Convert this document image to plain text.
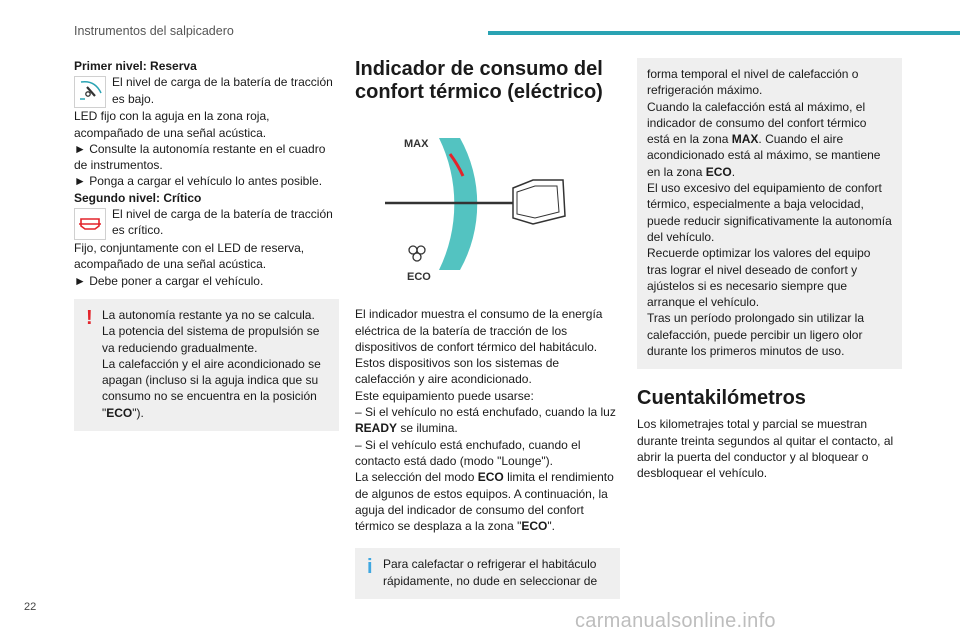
Instrumentos del salpicadero
Primer nivel: Reserva
El nivel de carga de la batería de tracción es bajo.

LED fijo con la aguja en la zona roja, acompañado de una señal acústica.

► Consulte la autonomía restante en el cuadro de instrumentos.

► Ponga a cargar el vehículo lo antes posible.

Segundo nivel: Crítico
El nivel de carga de la batería de tracción es crítico.

Fijo, conjuntamente con el LED de reserva, acompañado de una señal acústica.

► Debe poner a cargar el vehículo.

! La autonomía restante ya no se calcula.

La potencia del sistema de propulsión se va reduciendo gradualmente.

La calefacción y el aire acondicionado se apagan (incluso si la aguja indica que su consumo no se encuentra en la posición "ECO").

Indicador de consumo del confort térmico (eléctrico)
MAX
ECO

El indicador muestra el consumo de la energía eléctrica de la batería de tracción de los dispositivos de confort térmico del habitáculo.

Estos dispositivos son los sistemas de calefacción y aire acondicionado.

Este equipamiento puede usarse:

– Si el vehículo no está enchufado, cuando la luz READY se ilumina.

– Si el vehículo está enchufado, cuando el contacto está dado (modo "Lounge").

La selección del modo ECO limita el rendimiento de algunos de estos equipos. A continuación, la aguja del indicador de consumo del confort térmico se desplaza a la zona "ECO".

i Para calefactar o refrigerar el habitáculo rápidamente, no dude en seleccionar de

forma temporal el nivel de calefacción o refrigeración máximo.

Cuando la calefacción está al máximo, el indicador de consumo del confort térmico está en la zona MAX. Cuando el aire acondicionado está al máximo, se mantiene en la zona ECO.

El uso excesivo del equipamiento de confort térmico, especialmente a baja velocidad, puede reducir significativamente la autonomía del vehículo.

Recuerde optimizar los valores del equipo tras lograr el nivel deseado de confort y ajústelos si es necesario siempre que arranque el vehículo.

Tras un período prolongado sin utilizar la calefacción, puede percibir un ligero olor durante los primeros minutos de uso.

Cuentakilómetros

Los kilometrajes total y parcial se muestran durante treinta segundos al quitar el contacto, al abrir la puerta del conductor y al bloquear o desbloquear el vehículo.

22
carmanualsonline.info
